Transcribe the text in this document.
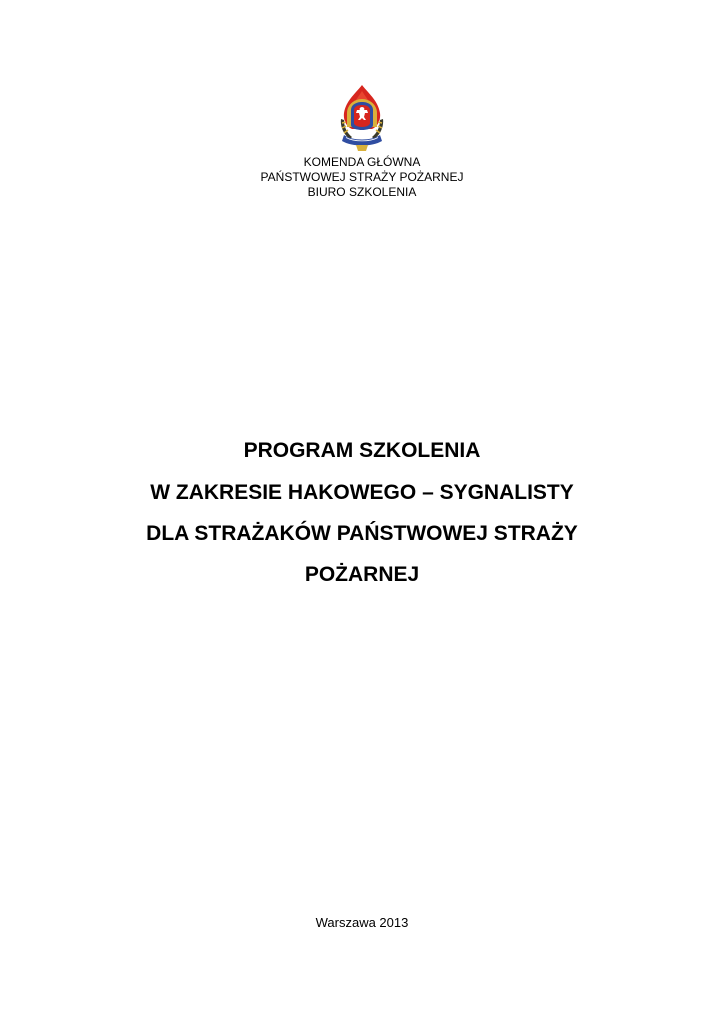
KOMENDA GŁÓWNA
PAŃSTWOWEJ STRAŻY POŻARNEJ
BIURO SZKOLENIA
PROGRAM SZKOLENIA
W ZAKRESIE HAKOWEGO – SYGNALISTY
DLA STRAŻAKÓW PAŃSTWOWEJ STRAŻY
POŻARNEJ
Warszawa 2013
